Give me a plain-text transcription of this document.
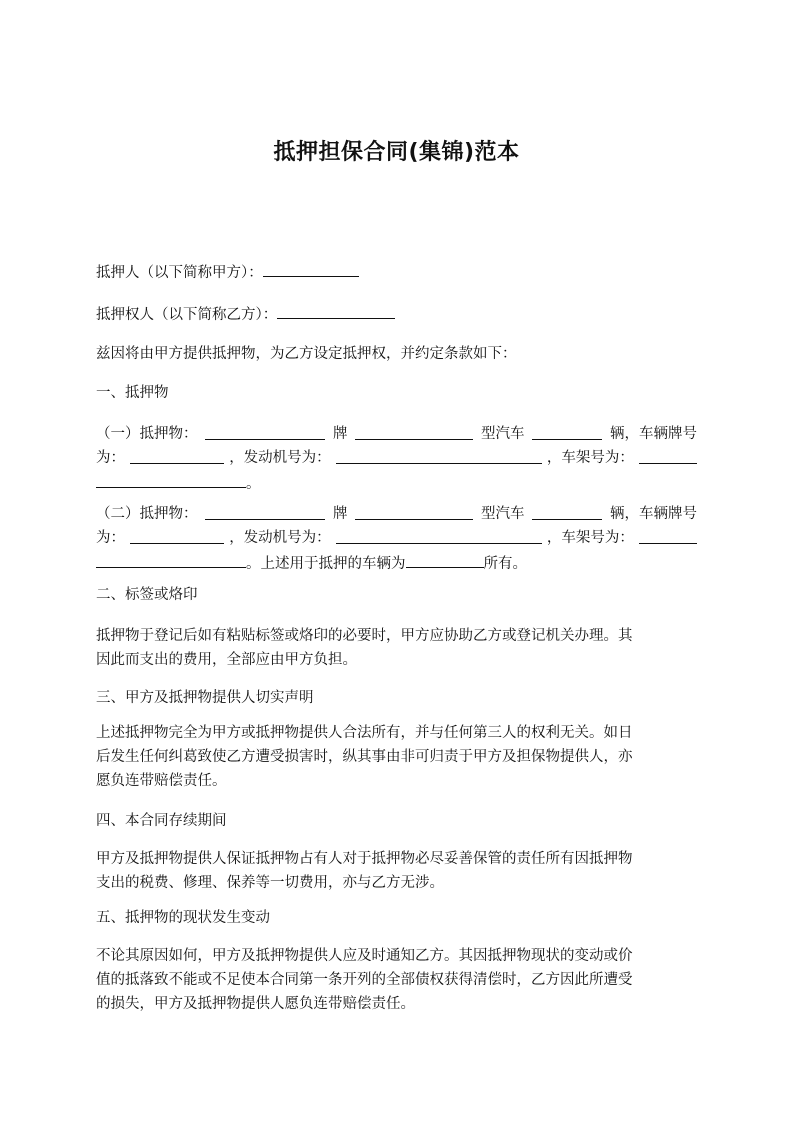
抵押担保合同(集锦)范本
抵押人（以下简称甲方）：
抵押权人（以下简称乙方）：
兹因将由甲方提供抵押物，为乙方设定抵押权，并约定条款如下：
一、抵押物
（一）抵押物：	牌	型汽车	辆，车辆牌号
为：	，发动机号为：	，车架号为：
。
（二）抵押物：	牌	型汽车	辆，车辆牌号
为：	，发动机号为：	，车架号为：
。上述用于抵押的车辆为	所有。
二、标签或烙印
抵押物于登记后如有粘贴标签或烙印的必要时，甲方应协助乙方或登记机关办理。其
因此而支出的费用，全部应由甲方负担。
三、甲方及抵押物提供人切实声明
上述抵押物完全为甲方或抵押物提供人合法所有，并与任何第三人的权利无关。如日
后发生任何纠葛致使乙方遭受损害时，纵其事由非可归责于甲方及担保物提供人，亦
愿负连带赔偿责任。
四、本合同存续期间
甲方及抵押物提供人保证抵押物占有人对于抵押物必尽妥善保管的责任所有因抵押物
支出的税费、修理、保养等一切费用，亦与乙方无涉。
五、抵押物的现状发生变动
不论其原因如何，甲方及抵押物提供人应及时通知乙方。其因抵押物现状的变动或价
值的抵落致不能或不足使本合同第一条开列的全部债权获得清偿时，乙方因此所遭受
的损失，甲方及抵押物提供人愿负连带赔偿责任。
